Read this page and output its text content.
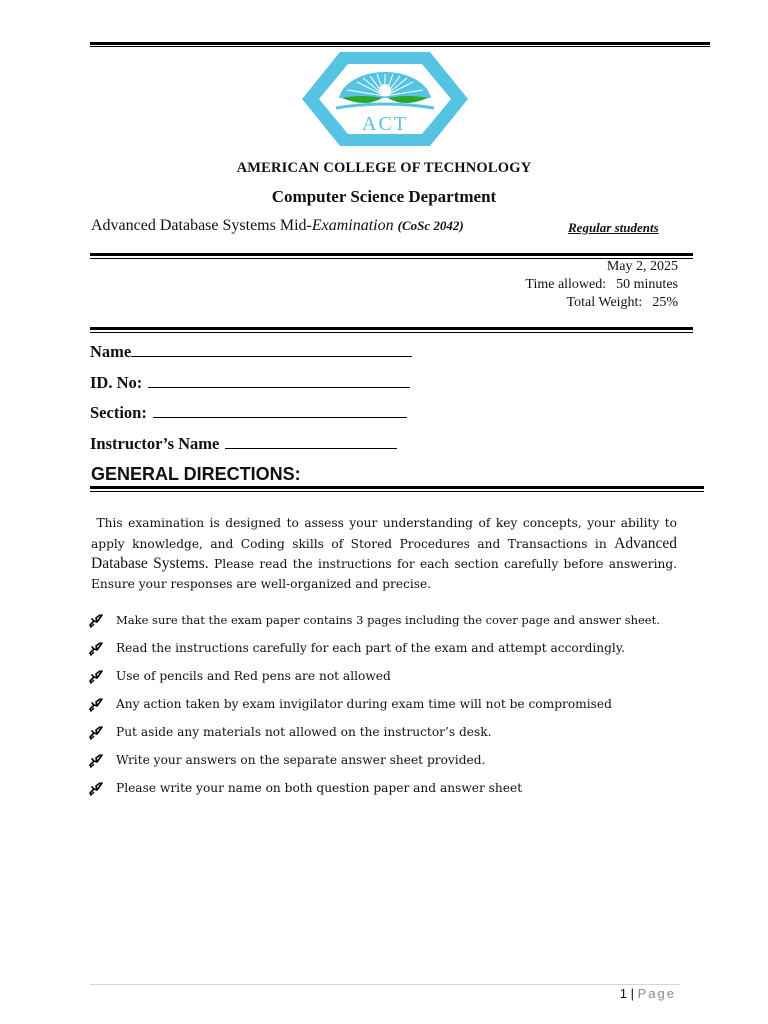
ACT
AMERICAN COLLEGE OF TECHNOLOGY
Computer Science Department
Advanced Database Systems Mid-Examination (CoSc 2042)	Regular students
May 2, 2025
Time allowed: 50 minutes
Total Weight: 25%
Name
ID. No:
Section:
Instructor’s Name
GENERAL DIRECTIONS:
This examination is designed to assess your understanding of key concepts, your ability to apply knowledge, and Coding skills of Stored Procedures and Transactions in Advanced Database Systems. Please read the instructions for each section carefully before answering. Ensure your responses are well-organized and precise.
Make sure that the exam paper contains 3 pages including the cover page and answer sheet.
Read the instructions carefully for each part of the exam and attempt accordingly.
Use of pencils and Red pens are not allowed
Any action taken by exam invigilator during exam time will not be compromised
Put aside any materials not allowed on the instructor’s desk.
Write your answers on the separate answer sheet provided.
Please write your name on both question paper and answer sheet
1 | Page
